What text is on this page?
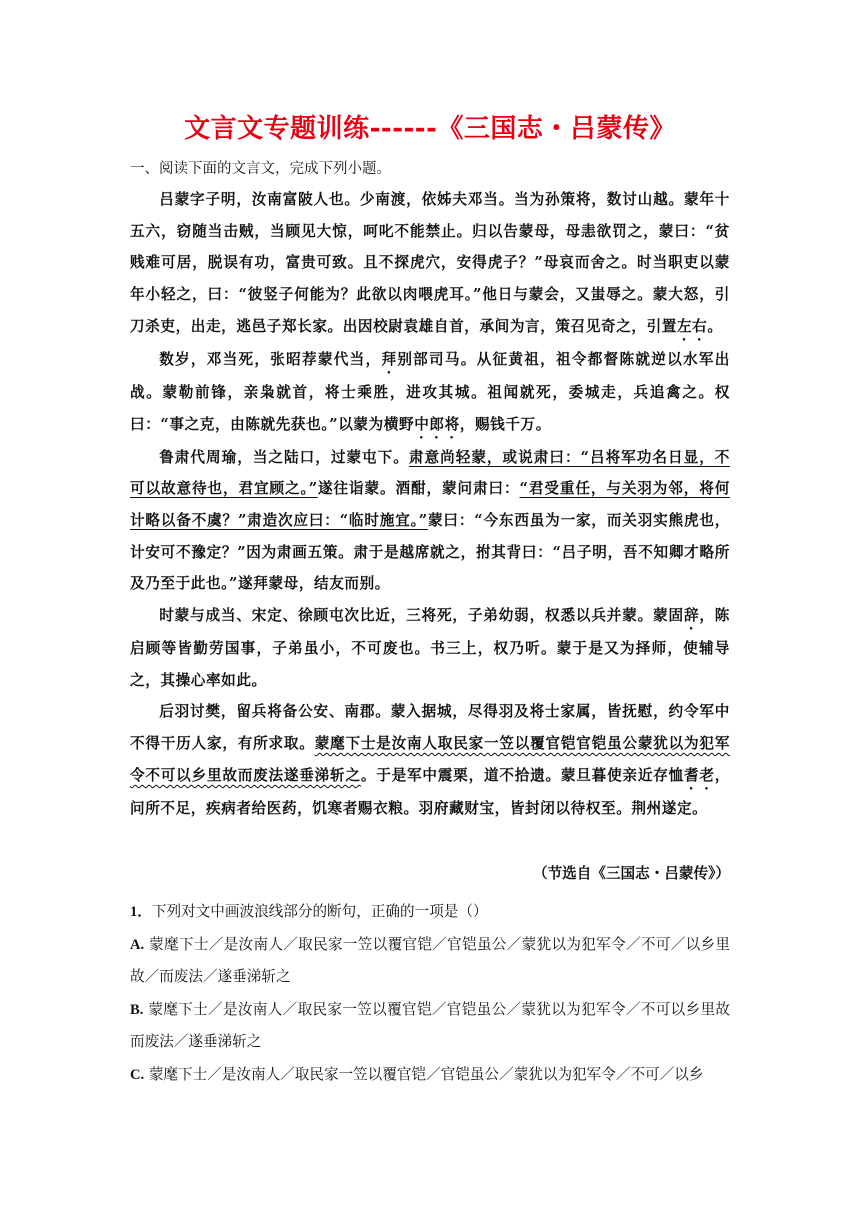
文言文专题训练------《三国志・吕蒙传》
一、阅读下面的文言文，完成下列小题。

吕蒙字子明，汝南富陂人也。少南渡，依姊夫邓当。当为孙策将，数讨山越。蒙年十五六，窃随当击贼，当顾见大惊，呵叱不能禁止。归以告蒙母，母恚欲罚之，蒙曰：“贫贱难可居，脱误有功，富贵可致。且不探虎穴，安得虎子？”母哀而舍之。时当职吏以蒙年小轻之，曰：“彼竖子何能为？此欲以肉喂虎耳。”他日与蒙会，又蚩辱之。蒙大怒，引刀杀吏，出走，逃邑子郑长家。出因校尉袁雄自首，承间为言，策召见奇之，引置左右。

数岁，邓当死，张昭荐蒙代当，拜别部司马。从征黄祖，祖令都督陈就逆以水军出战。蒙勒前锋，亲枭就首，将士乘胜，进攻其城。祖闻就死，委城走，兵追禽之。权曰：“事之克，由陈就先获也。”以蒙为横野中郎将，赐钱千万。

鲁肃代周瑜，当之陆口，过蒙屯下。肃意尚轻蒙，或说肃曰：“吕将军功名日显，不可以故意待也，君宜顾之。”遂往诣蒙。酒酣，蒙问肃曰：“君受重任，与关羽为邻，将何计略以备不虞？”肃造次应曰：“临时施宜。”蒙曰：“今东西虽为一家，而关羽实熊虎也，计安可不豫定？”因为肃画五策。肃于是越席就之，拊其背曰：“吕子明，吾不知卿才略所及乃至于此也。”遂拜蒙母，结友而别。

时蒙与成当、宋定、徐顾屯次比近，三将死，子弟幼弱，权悉以兵并蒙。蒙固辞，陈启顾等皆勤劳国事，子弟虽小，不可废也。书三上，权乃听。蒙于是又为择师，使辅导之，其操心率如此。

后羽讨樊，留兵将备公安、南郡。蒙入据城，尽得羽及将士家属，皆抚慰，约令军中不得干历人家，有所求取。蒙麾下士是汝南人取民家一笠以覆官铠官铠虽公蒙犹以为犯军令不可以乡里故而废法遂垂涕斩之。于是军中震栗，道不拾遗。蒙旦暮使亲近存恤耆老，问所不足，疾病者给医药，饥寒者赐衣粮。羽府藏财宝，皆封闭以待权至。荆州遂定。

（节选自《三国志・吕蒙传》）

1．下列对文中画波浪线部分的断句，正确的一项是（）

A. 蒙麾下士／是汝南人／取民家一笠以覆官铠／官铠虽公／蒙犹以为犯军令／不可／以乡里故／而废法／遂垂涕斩之

B. 蒙麾下士／是汝南人／取民家一笠以覆官铠／官铠虽公／蒙犹以为犯军令／不可以乡里故而废法／遂垂涕斩之

C. 蒙麾下士／是汝南人／取民家一笠以覆官铠／官铠虽公／蒙犹以为犯军令／不可／以乡
